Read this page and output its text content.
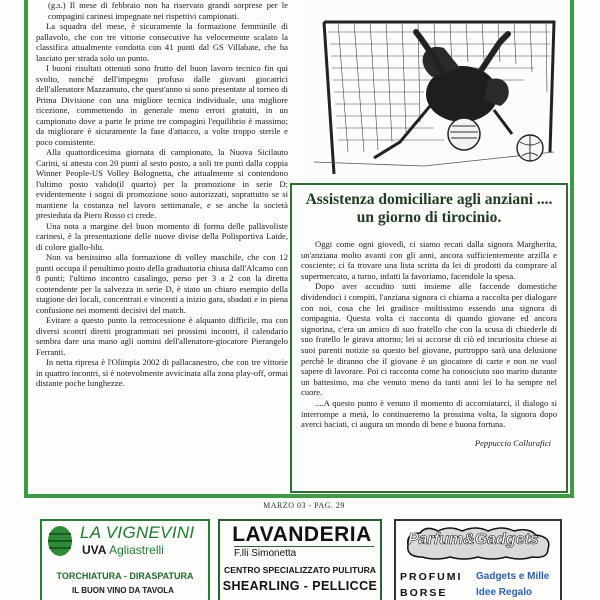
(g.s.) Il mese di febbraio non ha riservato grandi sorprese per le compagini carinesi impegnate nei rispettivi campionati.

La squadra del mese, è sicuramente la formazione femminile di pallavolo, che con tre vittorie consecutive ha velocemente scalato la classifica attualmente condotta con 41 punti dal GS Villabate, che ha lasciato per strada solo un punto.

I buoni risultati ottenuti sono frutto del buon lavoro tecnico fin qui svolto, nonché dell'impegno profuso dalle giovani giocatrici dell'allenatore Mazzamuto, che quest'anno si sono presentate al torneo di Prima Divisione con una migliore tecnica individuale, una migliore ricezione, commettendo in generale meno errori gratuiti, in un campionato dove a parte le prime tre compagini l'equilibrio è massimo; da migliorare è sicuramente la fase d'attacco, a volte troppo sterile e poco consistente.

Alla quattordicesima giornata di campionato, la Nuova Sicilauto Carini, si attesta con 20 punti al sesto posto, a soli tre punti dalla coppia Winner People-US Volley Bolognetta, che attualmente si contendono l'ultimo posto valido(il quarto) per la promozione in serie D; evidentemente i sogni di promozione sono autorizzati, soprattutto se si mantiene la costanza nel lavoro settimanale, e se anche la società presieduta da Piero Rosso ci crede.

Una nota a margine del buon momento di forma delle pallavoliste carinesi, è la presentazione delle nuove divise della Polisportiva Laide, di colore giallo-blu.

Non va benissimo alla formazione di volley maschile, che con 12 punti occupa il penultimo posto della graduatoria chiusa dall'Alcamo con 8 punti; l'ultimo incontro casalingo, perso per 3 a 2 con la diretta contendente per la salvezza in serie D, è stato un chiaro esempio della stagione dei locali, concentrati e vincenti a inizio gara, sbadati e in piena confusione nei momenti decisivi del match.

Evitare a questo punto la retrocessione è alquanto difficile, ma con diversi scontri diretti programmati nei prossimi incontri, il calendario sembra dare una mano agli uomini dell'allenatore-giocatore Pierangelo Ferranti.

In netta ripresa è l'Olimpia 2002 di pallacanestro, che con tre vittorie in quattro incontri, si è notevolmente avvicinata alla zona play-off, ormai distante poche lunghezze.

Assistenza domiciliare agli anziani .... un giorno di tirocinio.

Oggi come ogni giovedì, ci siamo recati dalla signora Margherita, un'anziana molto avanti con gli anni, ancora sufficientemente arzilla e cosciente; ci fa trovare una lista scritta da lei di prodotti da comprare al supermercato, a turno, infatti la favoriamo, facendole la spesa.

Dopo aver accudito tutti insieme alle faccende domestiche dividendoci i compiti, l'anziana signora ci chiama a raccolta per dialogare con noi, cosa che lei gradisce moltissimo essendo una signora di compagnia. Questa volta ci racconta di quando giovane ed ancora signorina, c'era un amico di suo fratello che con la scusa di chiederle di suo fratello le girava attorno; lei si accorse di ciò ed incuriosita chiese ai suoi parenti notizie su questo bel giovane, purtroppo sarà una delusione perchè le diranno che il giovane è un giocatore di carte e non ne vuol sapere di lavorare. Poi ci racconta come ha conosciuto suo marito durante un battesimo, ma che venuto meno da tanti anni lei lo ha sempre nel cuore.

....A questo punto è venuto il momento di accomiatarci, il dialogo si interrompe a metà, lo continueremo la prossima volta, la signora dopo averci baciati, ci augura un mondo di bene e buona fortuna.

Peppuccio Collurafici
MARZO 03 - PAG. 29
LA VIGNEVINI
UVA Agliastrelli
TORCHIATURA - DIRASPATURA
IL BUON VINO DA TAVOLA
LAVANDERIA
F.lli Simonetta
CENTRO SPECIALIZZATO PULITURA
SHEARLING - PELLICCE
Parfum&Gadgets
PROFUMI
BORSE
Gadgets e Mille
Idee Regalo
